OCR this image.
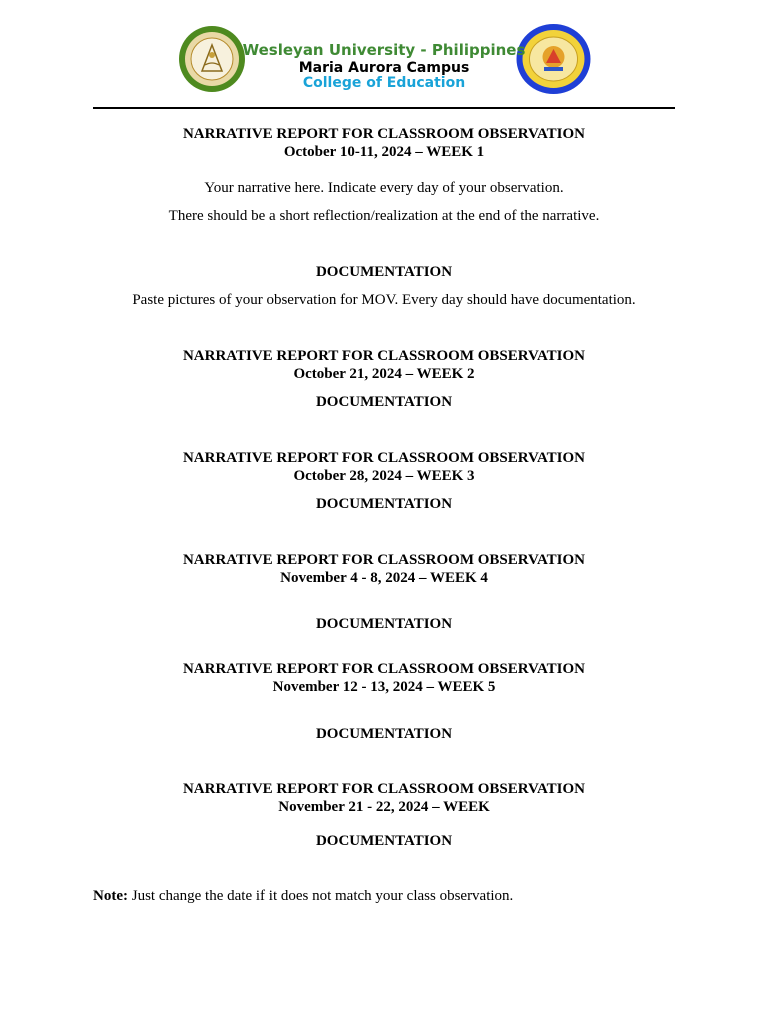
Wesleyan University - Philippines
Maria Aurora Campus
College of Education
NARRATIVE REPORT FOR CLASSROOM OBSERVATION
October 10-11, 2024 – WEEK 1
Your narrative here. Indicate every day of your observation.
There should be a short reflection/realization at the end of the narrative.
DOCUMENTATION
Paste pictures of your observation for MOV. Every day should have documentation.
NARRATIVE REPORT FOR CLASSROOM OBSERVATION
October 21, 2024 – WEEK 2
DOCUMENTATION
NARRATIVE REPORT FOR CLASSROOM OBSERVATION
October 28, 2024 – WEEK 3
DOCUMENTATION
NARRATIVE REPORT FOR CLASSROOM OBSERVATION
November 4 - 8, 2024 – WEEK 4
DOCUMENTATION
NARRATIVE REPORT FOR CLASSROOM OBSERVATION
November 12 - 13, 2024 – WEEK 5
DOCUMENTATION
NARRATIVE REPORT FOR CLASSROOM OBSERVATION
November 21 - 22, 2024 – WEEK
DOCUMENTATION
Note: Just change the date if it does not match your class observation.
